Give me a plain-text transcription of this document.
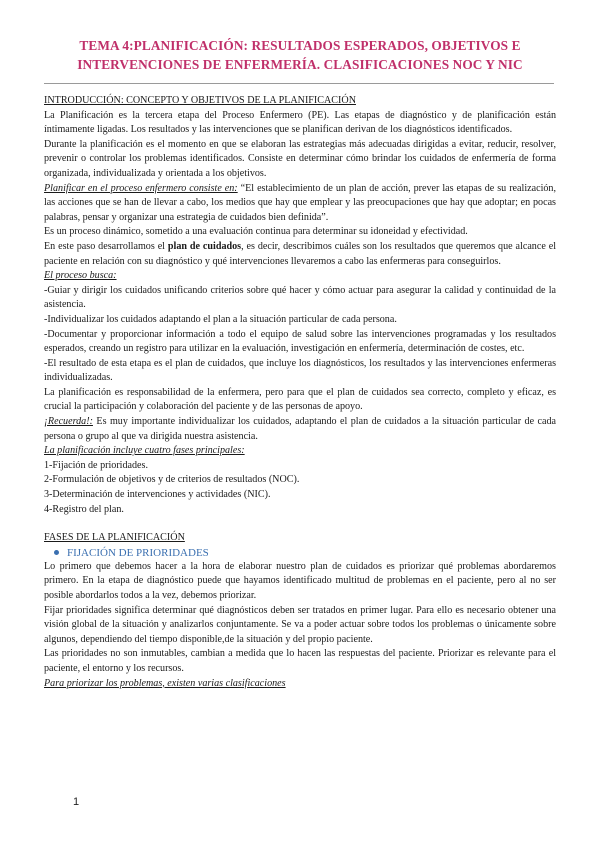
TEMA 4:PLANIFICACIÓN: RESULTADOS ESPERADOS, OBJETIVOS E
INTERVENCIONES DE ENFERMERÍA. CLASIFICACIONES NOC Y NIC

INTRODUCCIÓN: CONCEPTO Y OBJETIVOS DE LA PLANIFICACIÓN

La Planificación es la tercera etapa del Proceso Enfermero (PE). Las etapas de diagnóstico y de planificación están íntimamente ligadas. Los resultados y las intervenciones que se planifican derivan de los diagnósticos identificados.

Durante la planificación es el momento en que se elaboran las estrategias más adecuadas dirigidas a evitar, reducir, resolver, prevenir o controlar los problemas identificados. Consiste en determinar cómo brindar los cuidados de enfermería de forma organizada, individualizada y orientada a los objetivos.

Planificar en el proceso enfermero consiste en: “El establecimiento de un plan de acción, prever las etapas de su realización, las acciones que se han de llevar a cabo, los medios que hay que emplear y las preocupaciones que hay que adoptar; en pocas palabras, pensar y organizar una estrategia de cuidados bien definida”.

Es un proceso dinámico, sometido a una evaluación continua para determinar su idoneidad y efectividad.

En este paso desarrollamos el plan de cuidados, es decir, describimos cuáles son los resultados que queremos que alcance el paciente en relación con su diagnóstico y qué intervenciones llevaremos a cabo las enfermeras para conseguirlos.

El proceso busca:

-Guiar y dirigir los cuidados unificando criterios sobre qué hacer y cómo actuar para asegurar la calidad y continuidad de la asistencia.

-Individualizar los cuidados adaptando el plan a la situación particular de cada persona.

-Documentar y proporcionar información a todo el equipo de salud sobre las intervenciones programadas y los resultados esperados, creando un registro para utilizar en la evaluación, investigación en enfermería, determinación de costes, etc.

-El resultado de esta etapa es el plan de cuidados, que incluye los diagnósticos, los resultados y las intervenciones enfermeras individualizadas.

La planificación es responsabilidad de la enfermera, pero para que el plan de cuidados sea correcto, completo y eficaz, es crucial la participación y colaboración del paciente y de las personas de apoyo.

¡Recuerda!: Es muy importante individualizar los cuidados, adaptando el plan de cuidados a la situación particular de cada persona o grupo al que va dirigida nuestra asistencia.

La planificación incluye cuatro fases principales:

1-Fijación de prioridades.

2-Formulación de objetivos y de criterios de resultados (NOC).

3-Determinación de intervenciones y actividades (NIC).

4-Registro del plan.

FASES DE LA PLANIFICACIÓN

FIJACIÓN DE PRIORIDADES

Lo primero que debemos hacer a la hora de elaborar nuestro plan de cuidados es priorizar qué problemas abordaremos primero. En la etapa de diagnóstico puede que hayamos identificado multitud de problemas en el paciente, pero al no ser posible abordarlos todos a la vez, debemos priorizar.

Fijar prioridades significa determinar qué diagnósticos deben ser tratados en primer lugar. Para ello es necesario obtener una visión global de la situación y analizarlos conjuntamente. Se va a poder actuar sobre todos los problemas o únicamente sobre algunos, dependiendo del tiempo disponible,de la situación y del propio paciente.

Las prioridades no son inmutables, cambian a medida que lo hacen las respuestas del paciente. Priorizar es relevante para el paciente, el entorno y los recursos.

Para priorizar los problemas, existen varias clasificaciones

1
